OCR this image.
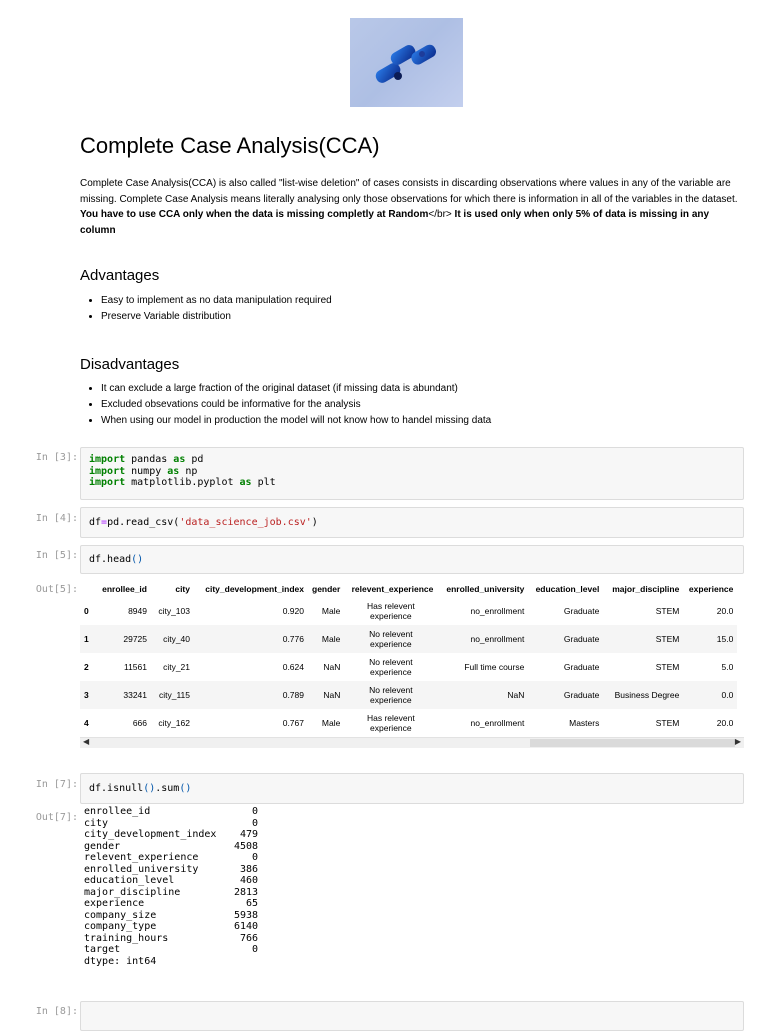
Complete Case Analysis(CCA)

Complete Case Analysis(CCA) is also called "list-wise deletion" of cases consists in discarding observations where values in any of the variable are missing. Complete Case Analysis means literally analysing only those observations for which there is information in all of the variables in the dataset. You have to use CCA only when the data is missing completly at Random</br> It is used only when only 5% of data is missing in any column

Advantages
• Easy to implement as no data manipulation required
• Preserve Variable distribution
Disadvantages
• It can exclude a large fraction of the original dataset (if missing data is abundant)
• Excluded obsevations could be informative for the analysis
• When using our model in production the model will not know how to handel missing data
In [3]:	import pandas as pd
import numpy as np
import matplotlib.pyplot as plt
In [4]:	df=pd.read_csv('data_science_job.csv')
In [5]:	df.head()
Out[5]:
		enrollee_id	city	city_development_index	gender	relevent_experience	enrolled_university	education_level	major_discipline	experience
0	8949	city_103	0.920	Male	Has relevent experience	no_enrollment	Graduate	STEM	20.0
1	29725	city_40	0.776	Male	No relevent experience	no_enrollment	Graduate	STEM	15.0
2	11561	city_21	0.624	NaN	No relevent experience	Full time course	Graduate	STEM	5.0
3	33241	city_115	0.789	NaN	No relevent experience	NaN	Graduate	Business Degree	0.0
4	666	city_162	0.767	Male	Has relevent experience	no_enrollment	Masters	STEM	20.0
◀	▶
In [7]:	df.isnull().sum()
Out[7]:
enrollee_id	0
city	0
city_development_index	479
gender	4508
relevent_experience	0
enrolled_university	386
education_level	460
major_discipline	2813
experience	65
company_size	5938
company_type	6140
training_hours	766
target	0
dtype: int64
In [8]:
